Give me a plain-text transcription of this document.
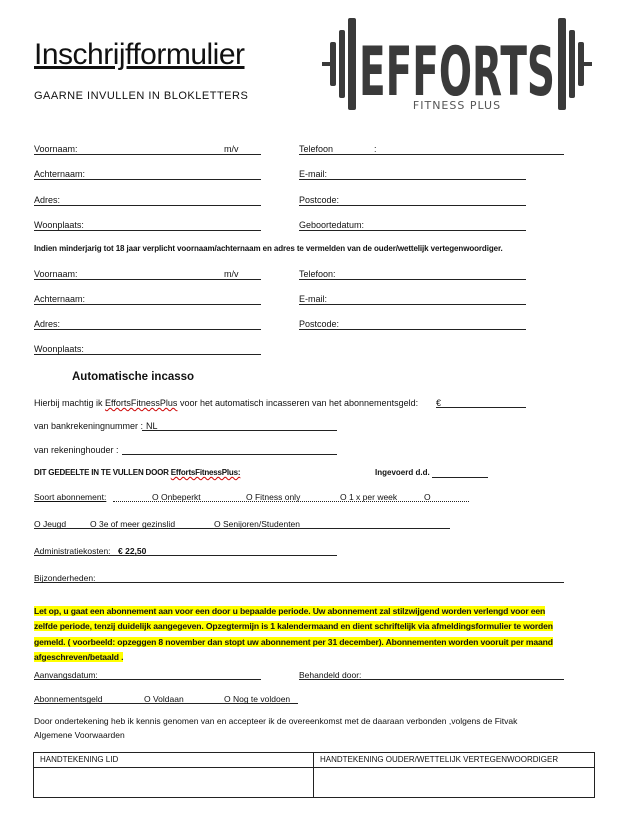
Inschrijfformulier
GAARNE INVULLEN IN BLOKLETTERS EFFORTS
FITNESS PLUS
Voornaam:	m/v	Telefoon	:
Achternaam:	E-mail:
Adres:	Postcode:
Woonplaats:	Geboortedatum:
Indien minderjarig tot 18 jaar verplicht voornaam/achternaam en adres te vermelden van de ouder/wettelijk vertegenwoordiger.
Voornaam:	m/v	Telefoon:
Achternaam:	E-mail:
Adres:	Postcode:
Woonplaats:
Automatische incasso
Hierbij machtig ik EffortsFitnessPlus voor het automatisch incasseren van het abonnementsgeld: €
van bankrekeningnummer : NL
van rekeninghouder :
DIT GEDEELTE IN TE VULLEN DOOR EffortsFitnessPlus:	Ingevoerd d.d.
Soort abonnement:	O Onbeperkt	O Fitness only	O 1 x per week	O
O Jeugd	O 3e of meer gezinslid	O Senijoren/Studenten
Administratiekosten: € 22,50
Bijzonderheden:
Let op, u gaat een abonnement aan voor een door u bepaalde periode. Uw abonnement zal stilzwijgend worden verlengd voor een
zelfde periode, tenzij duidelijk aangegeven. Opzegtermijn is 1 kalendermaand en dient schriftelijk via afmeldingsformulier te worden
gemeld. ( voorbeeld: opzeggen 8 november dan stopt uw abonnement per 31 december). Abonnementen worden vooruit per maand
afgeschreven/betaald .
Aanvangsdatum:	Behandeld door:
Abonnementsgeld	O Voldaan	O Nog te voldoen
Door ondertekening heb ik kennis genomen van en accepteer ik de overeenkomst met de daaraan verbonden ,volgens de Fitvak
Algemene Voorwaarden
HANDTEKENING LID	HANDTEKENING OUDER/WETTELIJK VERTEGENWOORDIGER
